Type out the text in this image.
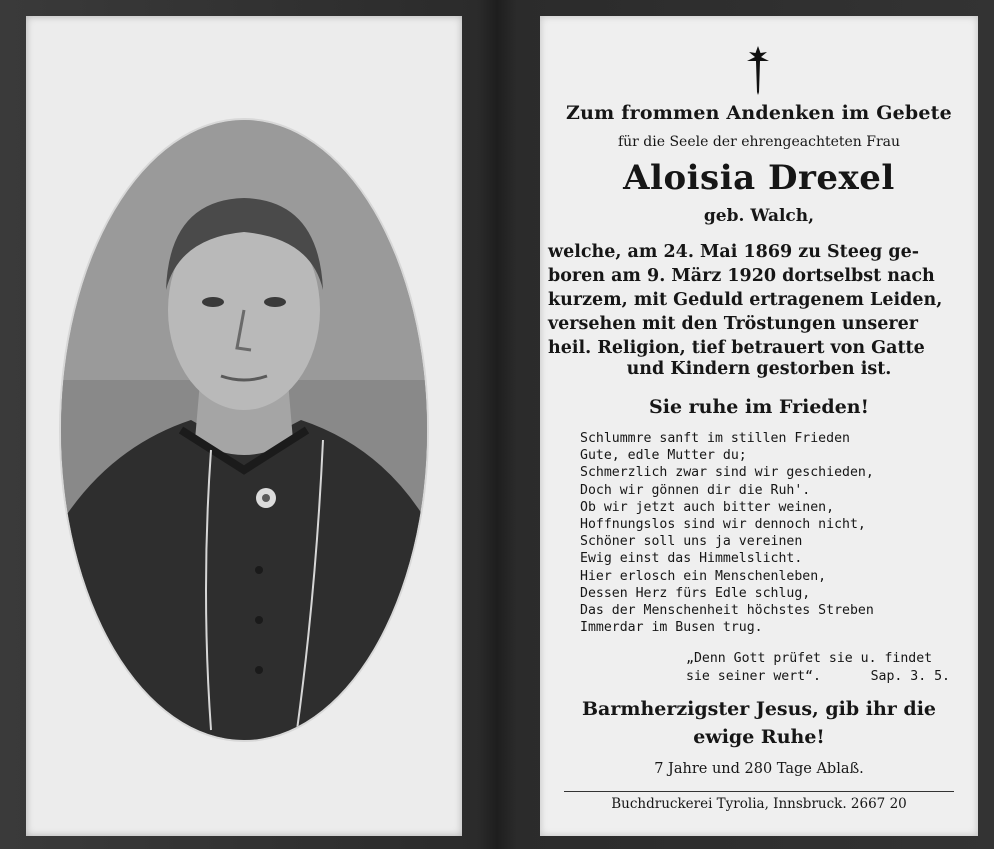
Zum frommen Andenken im Gebete
für die Seele der ehrengeachteten Frau
Aloisia Drexel
geb. Walch,
welche, am 24. Mai 1869 zu Steeg ge-
boren am 9. März 1920 dortselbst nach
kurzem, mit Geduld ertragenem Leiden,
versehen mit den Tröstungen unserer
heil. Religion, tief betrauert von Gatte
und Kindern gestorben ist.
Sie ruhe im Frieden!
Schlummre sanft im stillen Frieden
Gute, edle Mutter du;
Schmerzlich zwar sind wir geschieden,
Doch wir gönnen dir die Ruh'.
Ob wir jetzt auch bitter weinen,
Hoffnungslos sind wir dennoch nicht,
Schöner soll uns ja vereinen
Ewig einst das Himmelslicht.
Hier erlosch ein Menschenleben,
Dessen Herz fürs Edle schlug,
Das der Menschenheit höchstes Streben
Immerdar im Busen trug.
„Denn Gott prüfet sie u. findet
sie seiner wert“.	Sap. 3. 5.
Barmherzigster Jesus, gib ihr die
ewige Ruhe!
7 Jahre und 280 Tage Ablaß.
Buchdruckerei Tyrolia, Innsbruck. 2667 20
